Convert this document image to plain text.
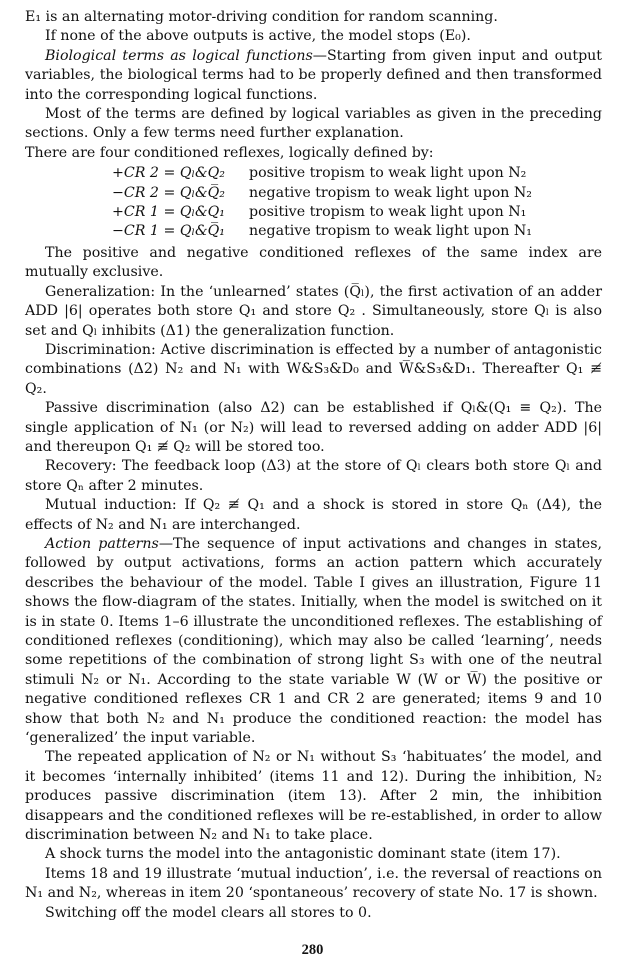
E₁ is an alternating motor-driving condition for random scanning.

If none of the above outputs is active, the model stops (E₀).

Biological terms as logical functions—Starting from given input and output variables, the biological terms had to be properly defined and then transformed into the corresponding logical functions.

Most of the terms are defined by logical variables as given in the preceding sections. Only a few terms need further explanation.

There are four conditioned reflexes, logically defined by:

+CR 2 = Qₗ&Q₂	positive tropism to weak light upon N₂
−CR 2 = Qₗ&Q̅₂	negative tropism to weak light upon N₂
+CR 1 = Qₗ&Q₁	positive tropism to weak light upon N₁
−CR 1 = Qₗ&Q̅₁	negative tropism to weak light upon N₁

The positive and negative conditioned reflexes of the same index are mutually exclusive.

Generalization: In the ‘unlearned’ states (Q̅ₗ), the first activation of an adder ADD |6| operates both store Q₁ and store Q₂ . Simultaneously, store Qₗ is also set and Qₗ inhibits (Δ1) the generalization function.

Discrimination: Active discrimination is effected by a number of antagonistic combinations (Δ2) N₂ and N₁ with W&S₃&D₀ and W̅&S₃&D₁. Thereafter Q₁ ≢ Q₂.

Passive discrimination (also Δ2) can be established if Qₗ&(Q₁ ≡ Q₂). The single application of N₁ (or N₂) will lead to reversed adding on adder ADD |6| and thereupon Q₁ ≢ Q₂ will be stored too.

Recovery: The feedback loop (Δ3) at the store of Qₗ clears both store Qₗ and store Qₙ after 2 minutes.

Mutual induction: If Q₂ ≢ Q₁ and a shock is stored in store Qₙ (Δ4), the effects of N₂ and N₁ are interchanged.

Action patterns—The sequence of input activations and changes in states, followed by output activations, forms an action pattern which accurately describes the behaviour of the model. Table I gives an illustration, Figure 11 shows the flow-diagram of the states. Initially, when the model is switched on it is in state 0. Items 1–6 illustrate the unconditioned reflexes. The establishing of conditioned reflexes (conditioning), which may also be called ‘learning’, needs some repetitions of the combination of strong light S₃ with one of the neutral stimuli N₂ or N₁. According to the state variable W (W or W̅) the positive or negative conditioned reflexes CR 1 and CR 2 are generated; items 9 and 10 show that both N₂ and N₁ produce the conditioned reaction: the model has ‘generalized’ the input variable.

The repeated application of N₂ or N₁ without S₃ ‘habituates’ the model, and it becomes ‘internally inhibited’ (items 11 and 12). During the inhibition, N₂ produces passive discrimination (item 13). After 2 min, the inhibition disappears and the conditioned reflexes will be re-established, in order to allow discrimination between N₂ and N₁ to take place.

A shock turns the model into the antagonistic dominant state (item 17).

Items 18 and 19 illustrate ‘mutual induction’, i.e. the reversal of reactions on N₁ and N₂, whereas in item 20 ‘spontaneous’ recovery of state No. 17 is shown.

Switching off the model clears all stores to 0.

280
